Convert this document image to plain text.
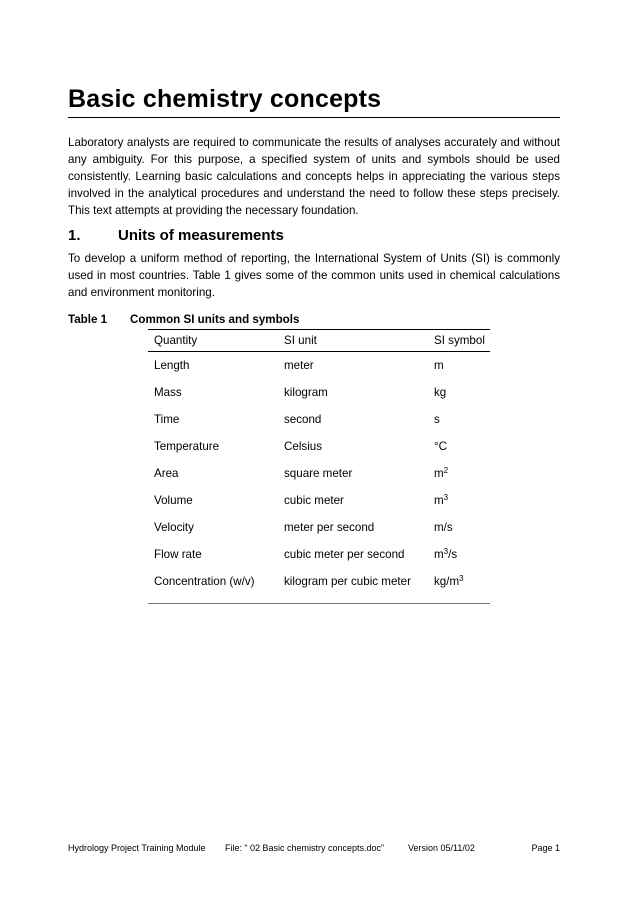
Basic chemistry concepts

Laboratory analysts are required to communicate the results of analyses accurately and without any ambiguity. For this purpose, a specified system of units and symbols should be used consistently. Learning basic calculations and concepts helps in appreciating the various steps involved in the analytical procedures and understand the need to follow these steps precisely. This text attempts at providing the necessary foundation.

1. Units of measurements

To develop a uniform method of reporting, the International System of Units (SI) is commonly used in most countries. Table 1 gives some of the common units used in chemical calculations and environment monitoring.

Table 1 Common SI units and symbols
Quantity	SI unit	SI symbol
Length	meter	m
Mass	kilogram	kg
Time	second	s
Temperature	Celsius	°C
Area	square meter	$m^2$
Volume	cubic meter	$m^3$
Velocity	meter per second	m/s
Flow rate	cubic meter per second	$m^3/s$
Concentration (w/v)	kilogram per cubic meter	$kg/m^3$
Hydrology Project Training Module File: “ 02 Basic chemistry concepts.doc”	Version 05/11/02	Page 1
